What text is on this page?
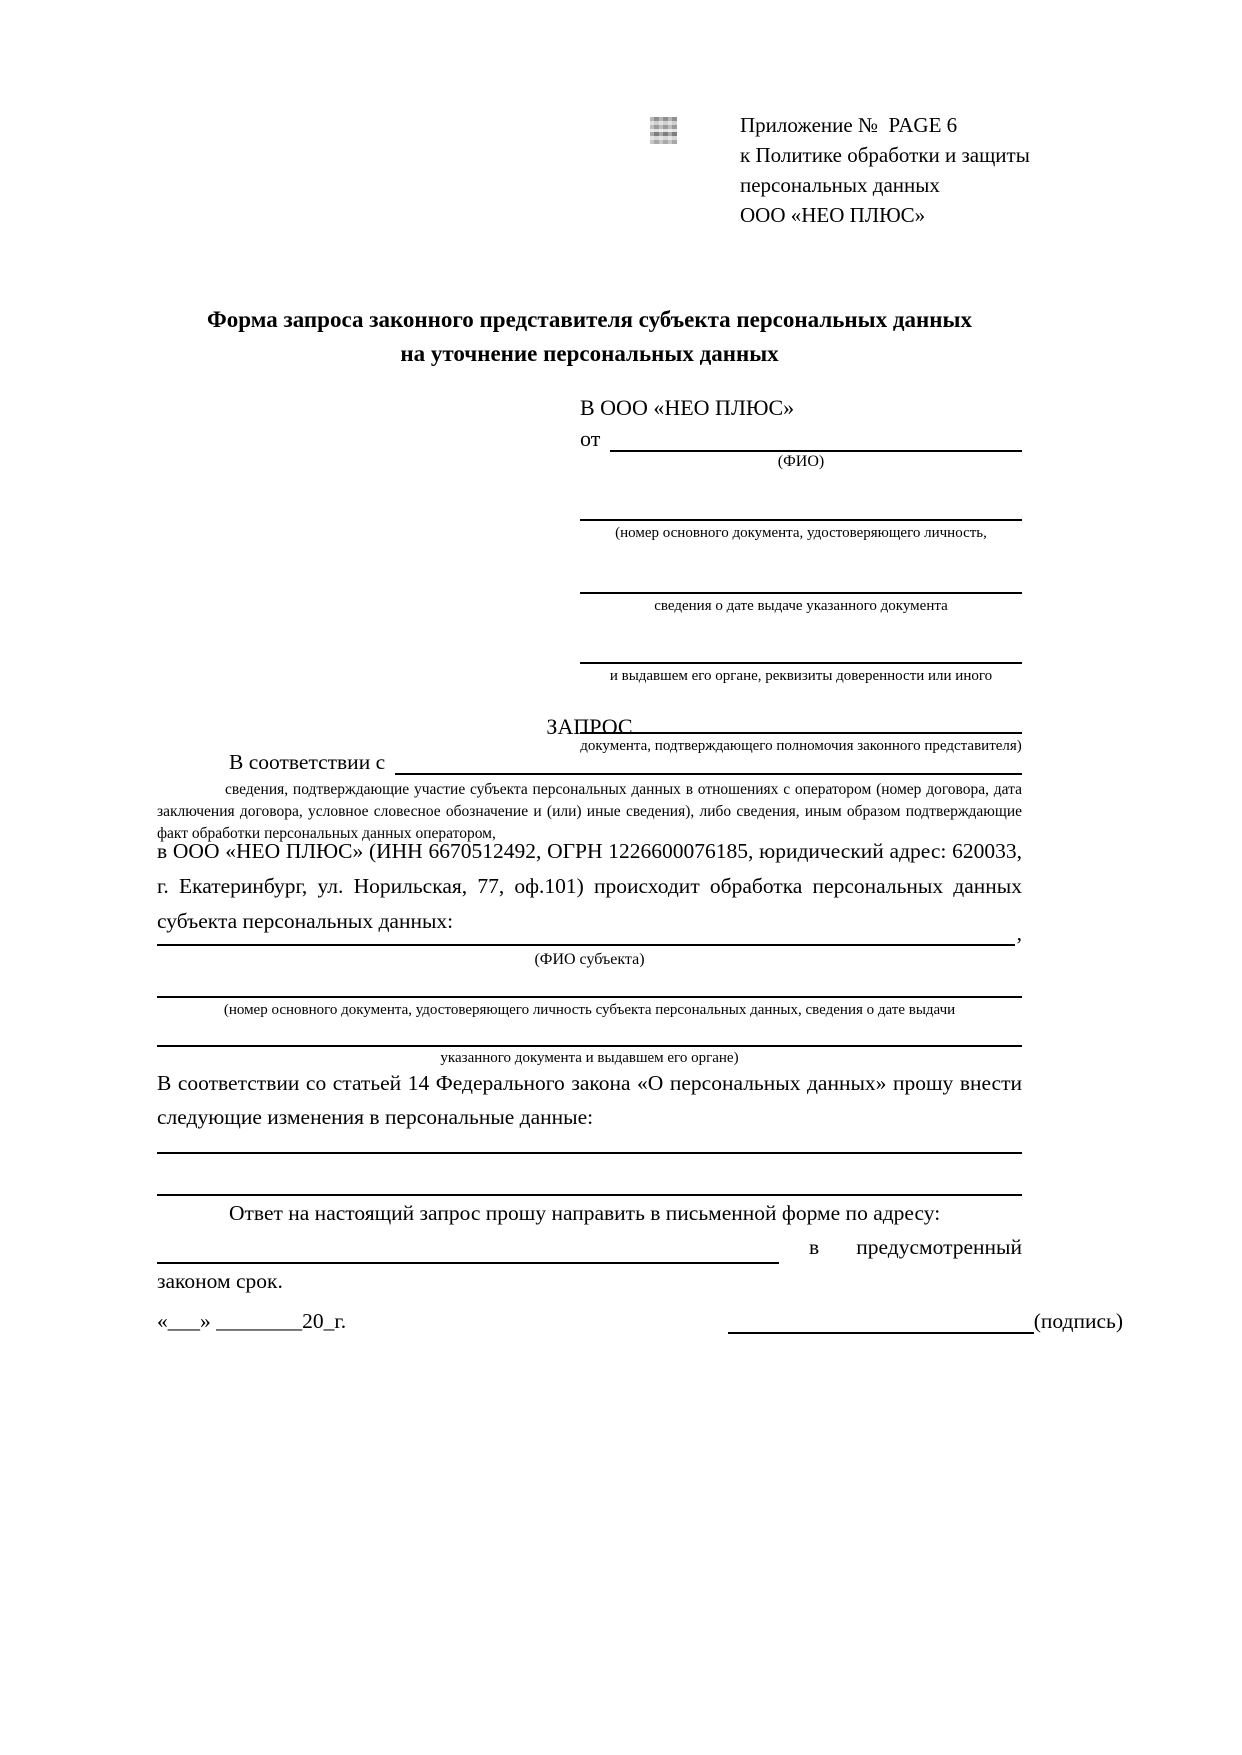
Приложение №  PAGE 6
к Политике обработки и защиты
персональных данных
ООО «НЕО ПЛЮС»
Форма запроса законного представителя субъекта персональных данных
на уточнение персональных данных
В ООО «НЕО ПЛЮС»
от
(ФИО)
(номер основного документа, удостоверяющего личность,
сведения о дате выдаче указанного документа
и выдавшем его органе, реквизиты доверенности или иного
документа, подтверждающего полномочия законного представителя)
ЗАПРОС
В соответствии с

сведения, подтверждающие участие субъекта персональных данных в отношениях с оператором (номер договора, дата заключения договора, условное словесное обозначение и (или) иные сведения), либо сведения, иным образом подтверждающие факт обработки персональных данных оператором,

в ООО «НЕО ПЛЮС» (ИНН 6670512492, ОГРН 1226600076185, юридический адрес: 620033, г. Екатеринбург, ул. Норильская, 77, оф.101) происходит обработка персональных данных субъекта персональных данных:	,
(ФИО субъекта)
(номер основного документа, удостоверяющего личность субъекта персональных данных, сведения о дате выдачи
указанного документа и выдавшем его органе)

В соответствии со статьей 14 Федерального закона «О персональных данных» прошу внести следующие изменения в персональные данные:

Ответ на настоящий запрос прошу направить в письменной форме по адресу:
в предусмотренный
законом срок.
«___» ________20_г.	(подпись)
